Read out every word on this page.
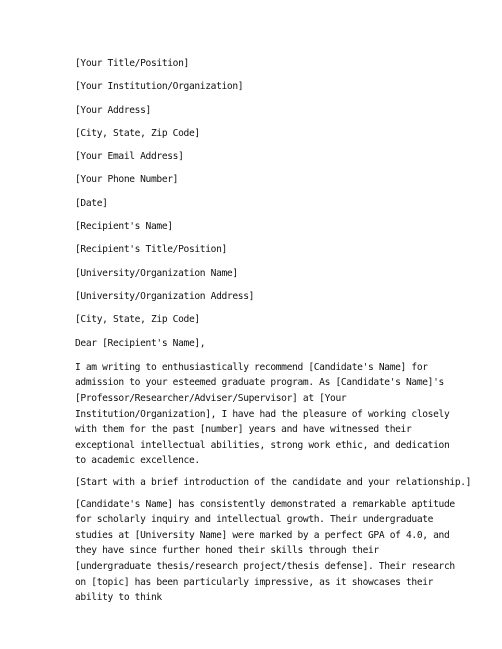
[Your Title/Position]
[Your Institution/Organization]
[Your Address]
[City, State, Zip Code]
[Your Email Address]
[Your Phone Number]
[Date]
[Recipient's Name]
[Recipient's Title/Position]
[University/Organization Name]
[University/Organization Address]
[City, State, Zip Code]
Dear [Recipient's Name],
I am writing to enthusiastically recommend [Candidate's Name] for admission to your esteemed graduate program. As [Candidate's Name]'s [Professor/Researcher/Adviser/Supervisor] at [Your Institution/Organization], I have had the pleasure of working closely with them for the past [number] years and have witnessed their exceptional intellectual abilities, strong work ethic, and dedication to academic excellence.
[Start with a brief introduction of the candidate and your relationship.]
[Candidate's Name] has consistently demonstrated a remarkable aptitude for scholarly inquiry and intellectual growth. Their undergraduate studies at [University Name] were marked by a perfect GPA of 4.0, and they have since further honed their skills through their [undergraduate thesis/research project/thesis defense]. Their research on [topic] has been particularly impressive, as it showcases their ability to think
